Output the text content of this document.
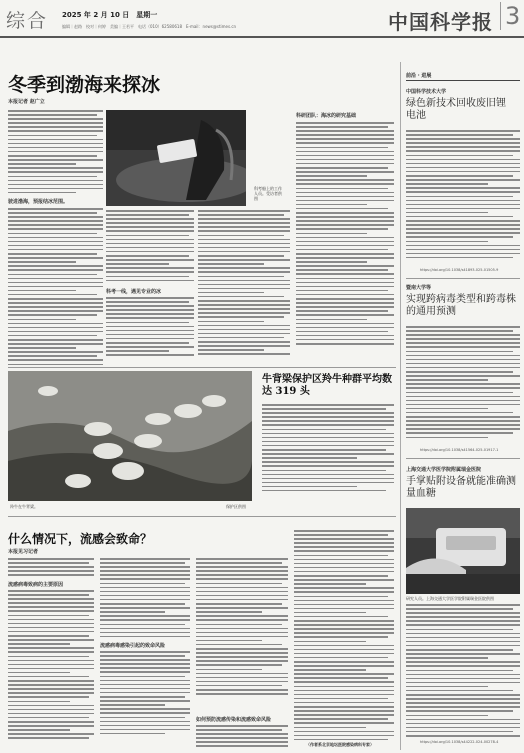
综合 2025 年 2 月 10 日　星期一
编辑｜赵路　校对｜何婷　美编｜王若平　电话（010）62580618　E-mail：news@stimes.cn	中国科学报 3
冬季到渤海来探冰
本报记者 赵广立
科考船上的工作人员。受访者供图
驶进渤海，预报结冰范围。
科考一线，遇见专业的冰
科研团队：海冰的研究基础
羚牛在牛背梁。	保护区供图
牛背梁保护区羚牛种群平均数达 319 头
什么情况下，流感会致命？
本报见习记者
流感病毒致病的主要原因
流感病毒感染引起的致命风险
如何预防流感传染和流感致命风险
（作者系北京地坛医院感染病科专家）
前沿 · 进展
中国科学技术大学
绿色新技术回收废旧锂电池
https://doi.org/10.1038/s41893-025-01505-9
暨南大学等
实现跨病毒类型和跨毒株的通用预测
https://doi.org/10.1038/s41564-025-01917-1
上海交通大学医学院附属瑞金医院
手掌贴附设备就能准确测量血糖
研究人员。上海交通大学医学院附属瑞金医院供图
https://doi.org/10.1038/s44222-024-00278-4
